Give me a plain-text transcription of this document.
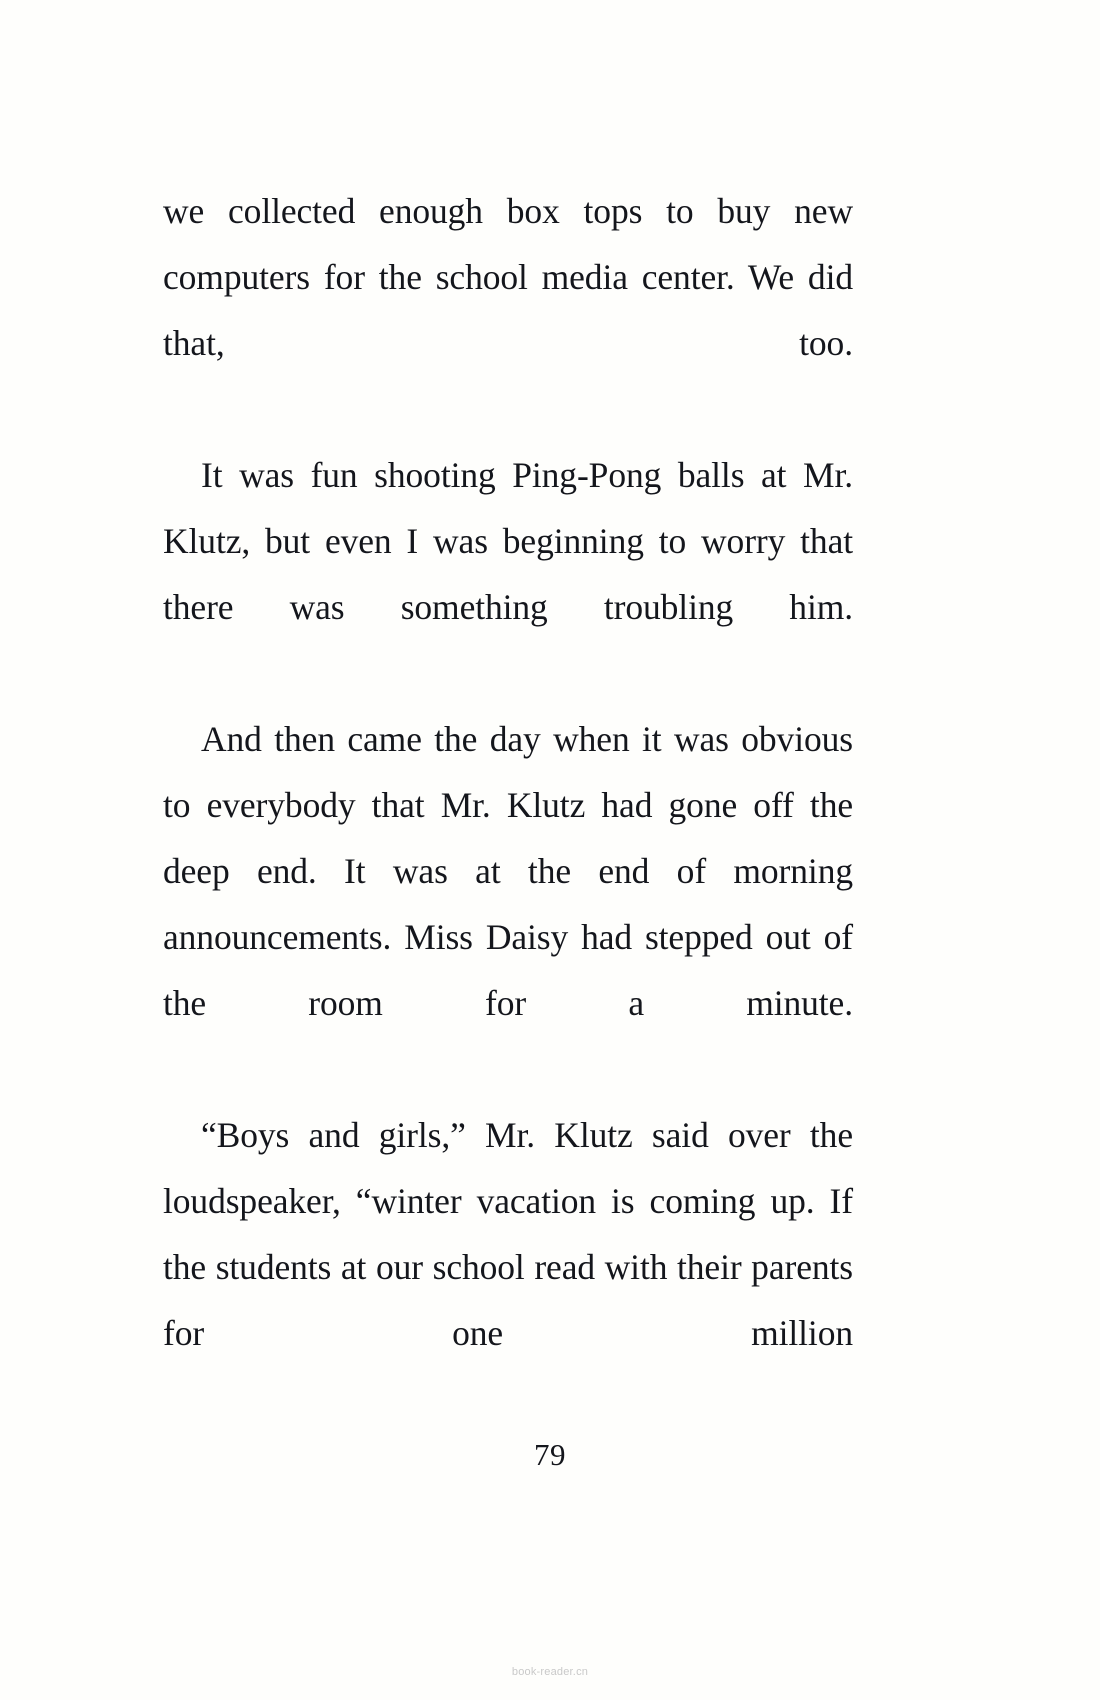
we collected enough box tops to buy new computers for the school media center. We did that, too.

It was fun shooting Ping-Pong balls at Mr. Klutz, but even I was beginning to worry that there was something troubling him.

And then came the day when it was obvious to everybody that Mr. Klutz had gone off the deep end. It was at the end of morning announcements. Miss Daisy had stepped out of the room for a minute.

“Boys and girls,” Mr. Klutz said over the loudspeaker, “winter vacation is coming up. If the students at our school read with their parents for one million

79
book-reader.cn
